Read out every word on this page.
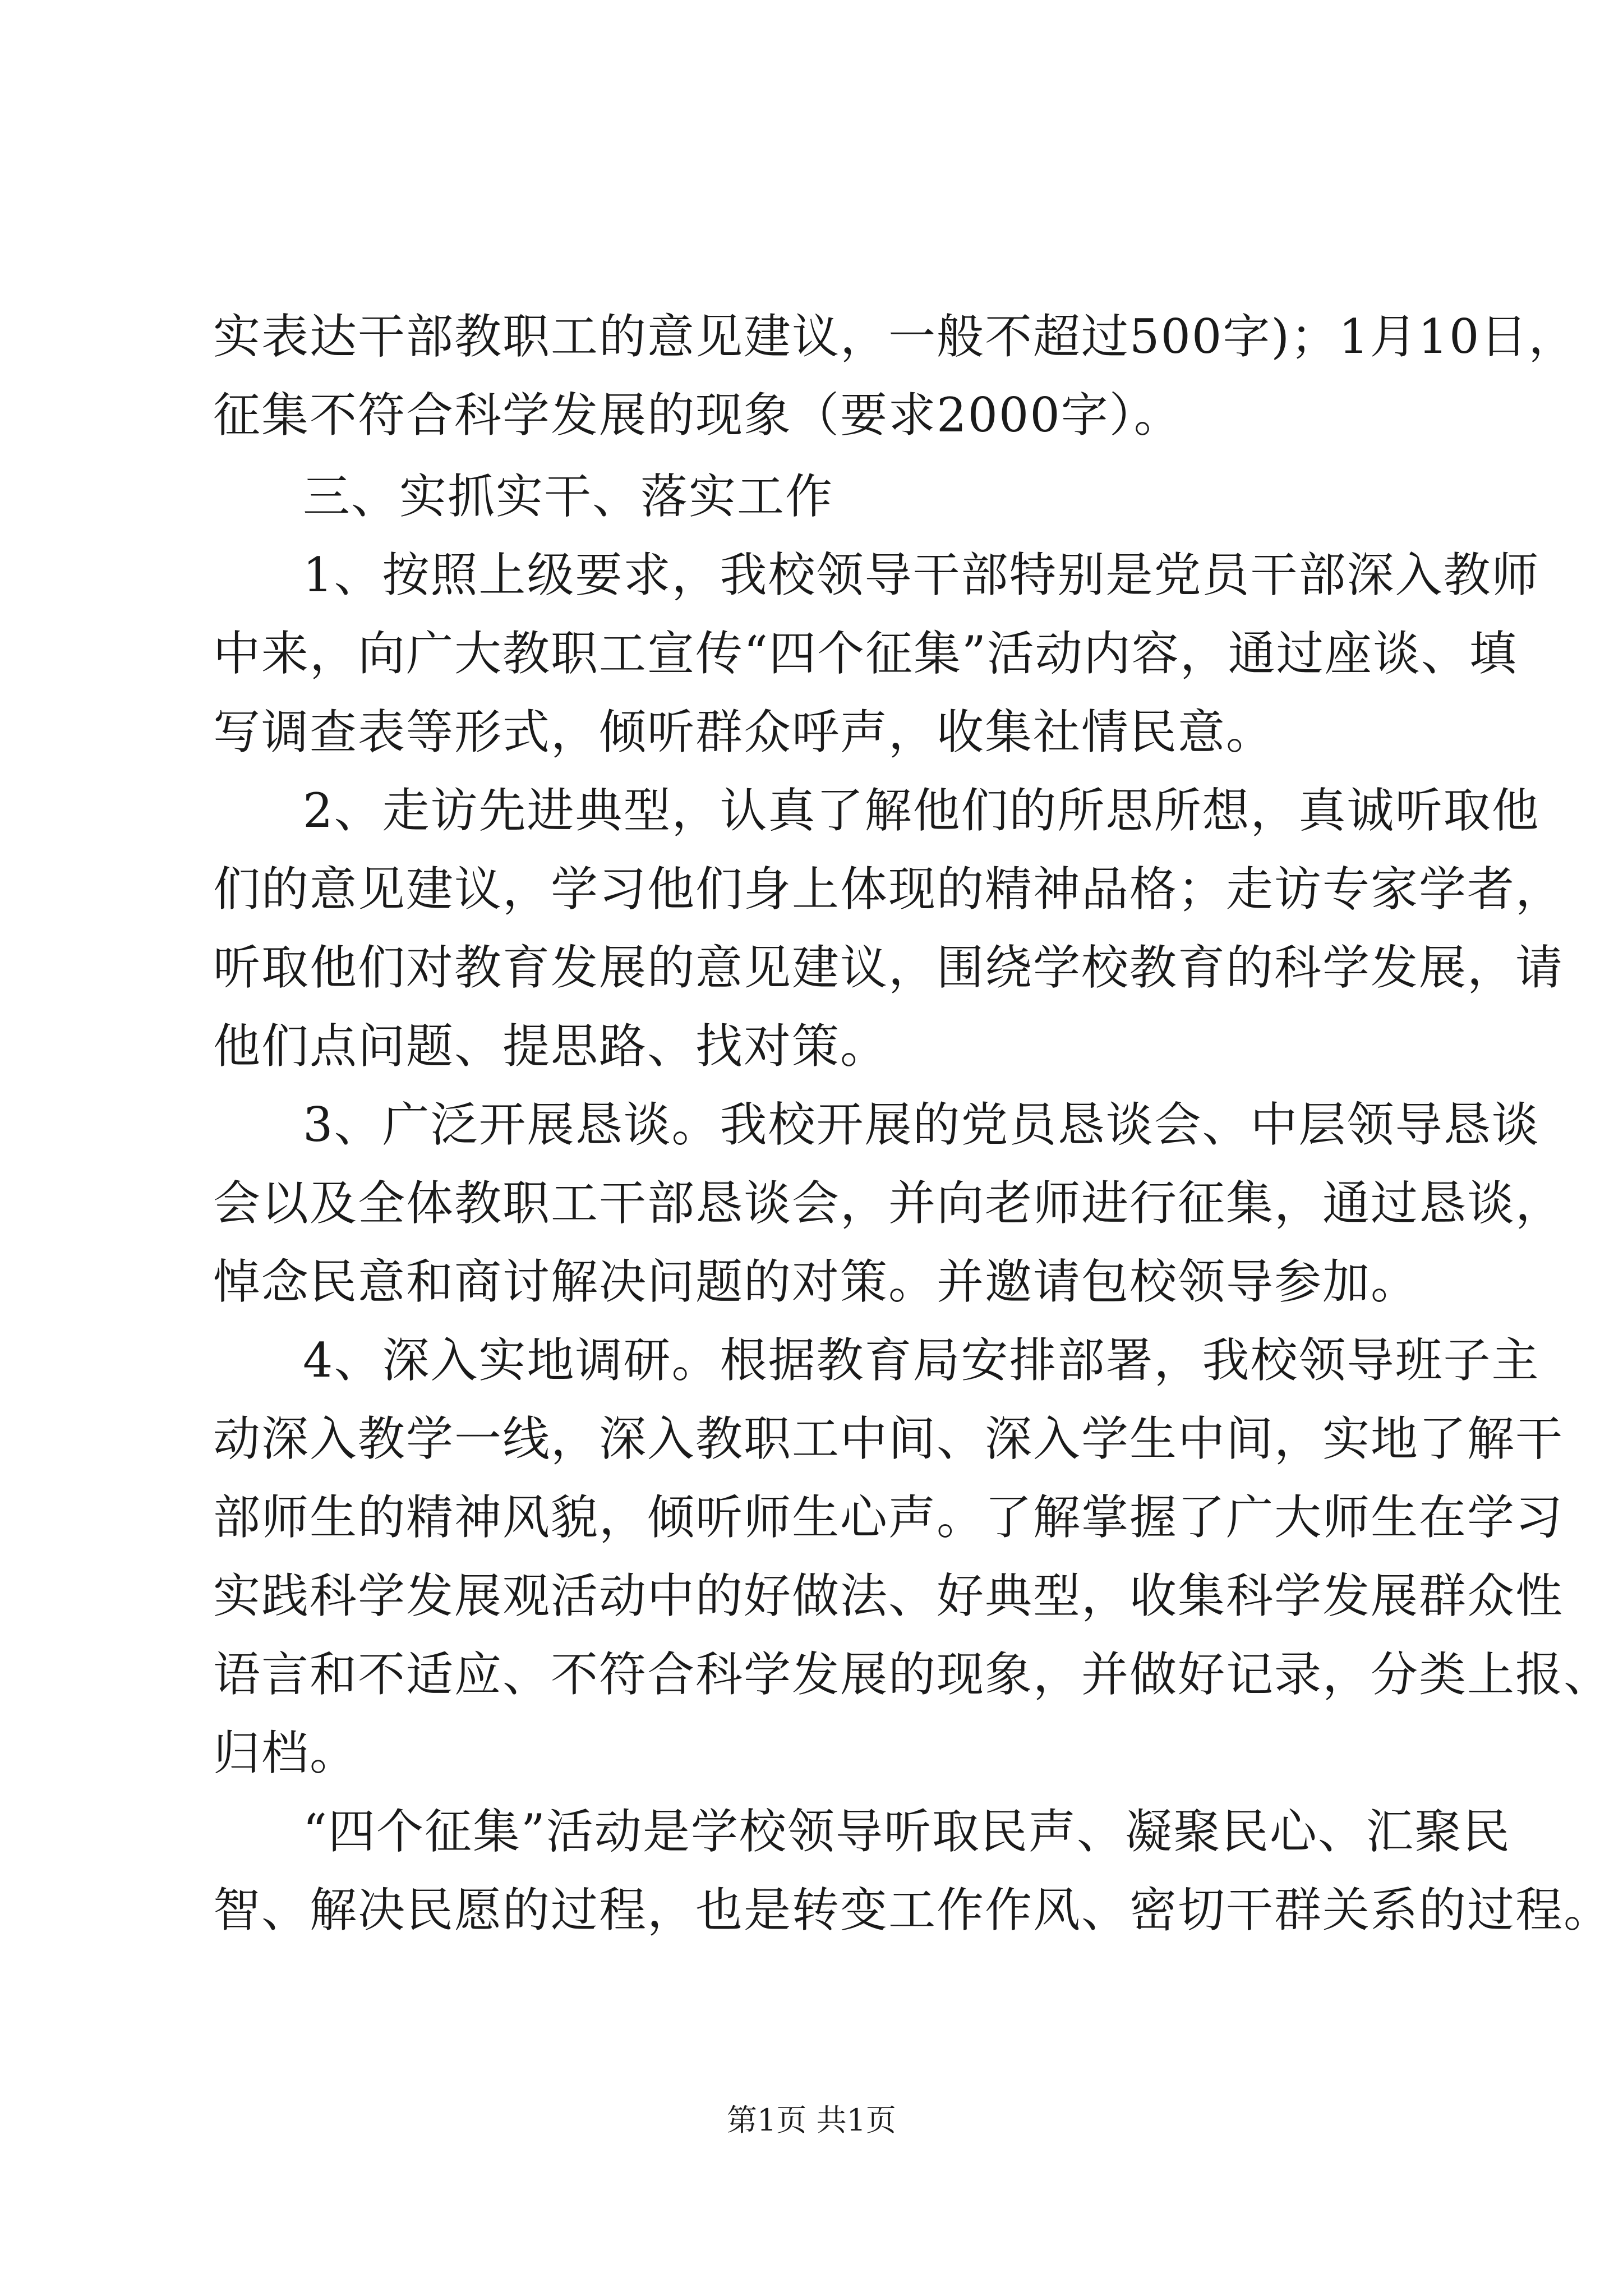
实表达干部教职工的意见建议，一般不超过500字)；1月10日，
征集不符合科学发展的现象（要求2000字）。
三、实抓实干、落实工作
1、按照上级要求，我校领导干部特别是党员干部深入教师
中来，向广大教职工宣传“四个征集”活动内容，通过座谈、填
写调查表等形式，倾听群众呼声，收集社情民意。
2、走访先进典型，认真了解他们的所思所想，真诚听取他
们的意见建议，学习他们身上体现的精神品格；走访专家学者，
听取他们对教育发展的意见建议，围绕学校教育的科学发展，请
他们点问题、提思路、找对策。
3、广泛开展恳谈。我校开展的党员恳谈会、中层领导恳谈
会以及全体教职工干部恳谈会，并向老师进行征集，通过恳谈，
悼念民意和商讨解决问题的对策。并邀请包校领导参加。
4、深入实地调研。根据教育局安排部署，我校领导班子主
动深入教学一线，深入教职工中间、深入学生中间，实地了解干
部师生的精神风貌，倾听师生心声。了解掌握了广大师生在学习
实践科学发展观活动中的好做法、好典型，收集科学发展群众性
语言和不适应、不符合科学发展的现象，并做好记录，分类上报、
归档。
“四个征集”活动是学校领导听取民声、凝聚民心、汇聚民
智、解决民愿的过程，也是转变工作作风、密切干群关系的过程。
第1页 共1页
